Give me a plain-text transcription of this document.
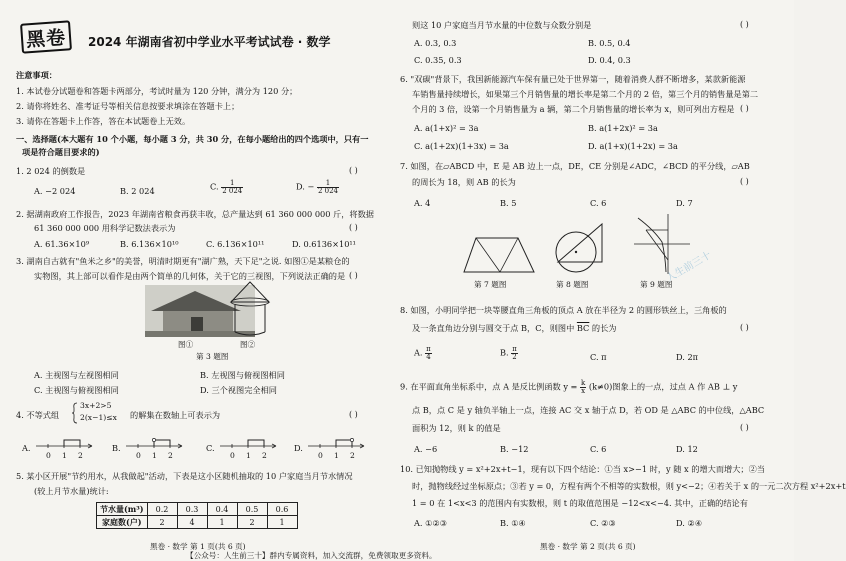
黑卷 2024 年湖南省初中学业水平考试试卷 · 数学
注意事项：
1. 本试卷分试题卷和答题卡两部分，考试时量为 120 分钟，满分为 120 分；
2. 请你将姓名、准考证号等相关信息按要求填涂在答题卡上；
3. 请你在答题卡上作答，答在本试题卷上无效。
一、选择题(本大题有 10 个小题，每小题 3 分，共 30 分，在每小题给出的四个选项中，只有一
项是符合题目要求的)
1. 2 024 的倒数是	( )
A. −2 024	B. 2 024	C. $\frac{1}{2 024}$	D. − $\frac{1}{2 024}$
2. 据湖南政府工作报告，2023 年湖南省粮食再获丰收，总产量达到 61 360 000 000 斤，将数据
61 360 000 000 用科学记数法表示为	( )
A. 61.36×10⁹	B. 6.136×10¹⁰	C. 6.136×10¹¹	D. 0.6136×10¹¹
3. 湖南自古就有"鱼米之乡"的美誉，明清时期更有"湖广熟，天下足"之说. 如图①是某粮仓的
实物图，其上部可以看作是由两个简单的几何体，关于它的三视图，下列说法正确的是 ( )
图①	图②
第 3 题图
A. 主视图与左视图相同	B. 左视图与俯视图相同
C. 主视图与俯视图相同	D. 三个视图完全相同
4. 不等式组
3x+2>5
2(x−1)≤x 的解集在数轴上可表示为	( )
A.	B.	C.	D.
0 1 2	0 1 2	0 1 2	0 1 2
5. 某小区开展"节约用水，从我做起"活动，下表是这小区随机抽取的 10 户家庭当月节水情况
(较上月节水量)统计:
节水量(m³)	0.2	0.3	0.4	0.5	0.6
家庭数(户)	2	4	1	2	1
黑卷 · 数学 第 1 页(共 6 页)
则这 10 户家庭当月节水量的中位数与众数分别是	( )
A. 0.3, 0.3	B. 0.5, 0.4
C. 0.35, 0.3	D. 0.4, 0.3
6. "双碳"背景下，我国新能源汽车保有量已处于世界第一，随着消费人群不断增多，某款新能源
车销售量持续增长，如果第三个月销售量的增长率是第二个月的 2 倍，第三个月的销售量是第二
个月的 3 倍，设第一个月销售量为 a 辆，第二个月销售量的增长率为 x，则可列出方程是 ( )
A. a(1+x)² = 3a	B. a(1+2x)² = 3a
C. a(1+2x)(1+3x) = 3a	D. a(1+x)(1+2x) = 3a
7. 如图，在▱ABCD 中，E 是 AB 边上一点，DE，CE 分别是∠ADC，∠BCD 的平分线，▱AB
的周长为 18，则 AB 的长为	( )
A. 4	B. 5	C. 6	D. 7
第 7 题图	第 8 题图	第 9 题图
8. 如图，小明同学把一块等腰直角三角板的顶点 A 放在半径为 2 的圆形铁丝上，三角板的
及一条直角边分别与圆交于点 B，C，则图中 $\overline{BC}$ 的长为	( )
A. $\frac{\pi}{4}$	B. $\frac{\pi}{2}$	C. π	D. 2π
9. 在平面直角坐标系中，点 A 是反比例函数 $y = \frac{k}{x} (k\ne 0)$图象上的一点，过点 A 作 AB ⊥ y
点 B，点 C 是 y 轴负半轴上一点，连接 AC 交 x 轴于点 D，若 OD 是 △ABC 的中位线，△ABC
面积为 12，则 k 的值是	( )
A. −6	B. −12	C. 6	D. 12
10. 已知抛物线 y = x²+2x+t−1，现有以下四个结论：①当 x>−1 时，y 随 x 的增大而增大；②当
时，抛物线经过坐标原点；③若 y = 0，方程有两个不相等的实数根，则 y<−2；④若关于 x 的一元二次方程 x²+2x+t
1 = 0 在 1<x<3 的范围内有实数根，则 t 的取值范围是 −12<x<−4. 其中，正确的结论有
A. ①②③	B. ①④	C. ②③	D. ②④
黑卷 · 数学 第 2 页(共 6 页)
【公众号：人生前三十】群内专属资料，加入交流群，免费领取更多资料。
人生前三十
